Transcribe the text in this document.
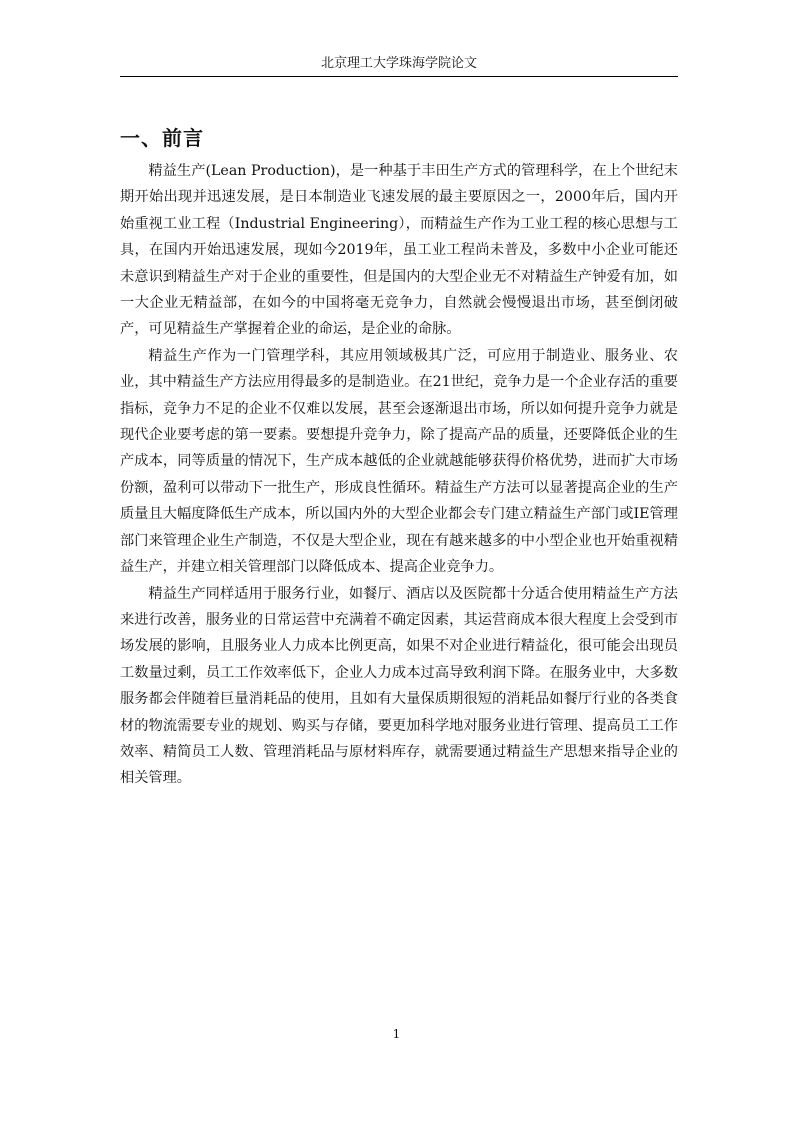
北京理工大学珠海学院论文
一、前言

精益生产(Lean Production)，是一种基于丰田生产方式的管理科学，在上个世纪末期开始出现并迅速发展，是日本制造业飞速发展的最主要原因之一，2000年后，国内开始重视工业工程（Industrial Engineering），而精益生产作为工业工程的核心思想与工具，在国内开始迅速发展，现如今2019年，虽工业工程尚未普及，多数中小企业可能还未意识到精益生产对于企业的重要性，但是国内的大型企业无不对精益生产钟爱有加，如一大企业无精益部，在如今的中国将毫无竞争力，自然就会慢慢退出市场，甚至倒闭破产，可见精益生产掌握着企业的命运，是企业的命脉。

精益生产作为一门管理学科，其应用领域极其广泛，可应用于制造业、服务业、农业，其中精益生产方法应用得最多的是制造业。在21世纪，竞争力是一个企业存活的重要指标，竞争力不足的企业不仅难以发展，甚至会逐渐退出市场，所以如何提升竞争力就是现代企业要考虑的第一要素。要想提升竞争力，除了提高产品的质量，还要降低企业的生产成本，同等质量的情况下，生产成本越低的企业就越能够获得价格优势，进而扩大市场份额，盈利可以带动下一批生产，形成良性循环。精益生产方法可以显著提高企业的生产质量且大幅度降低生产成本，所以国内外的大型企业都会专门建立精益生产部门或IE管理部门来管理企业生产制造，不仅是大型企业，现在有越来越多的中小型企业也开始重视精益生产，并建立相关管理部门以降低成本、提高企业竞争力。

精益生产同样适用于服务行业，如餐厅、酒店以及医院都十分适合使用精益生产方法来进行改善，服务业的日常运营中充满着不确定因素，其运营商成本很大程度上会受到市场发展的影响，且服务业人力成本比例更高，如果不对企业进行精益化，很可能会出现员工数量过剩，员工工作效率低下，企业人力成本过高导致利润下降。在服务业中，大多数服务都会伴随着巨量消耗品的使用，且如有大量保质期很短的消耗品如餐厅行业的各类食材的物流需要专业的规划、购买与存储，要更加科学地对服务业进行管理、提高员工工作效率、精简员工人数、管理消耗品与原材料库存，就需要通过精益生产思想来指导企业的相关管理。

1
